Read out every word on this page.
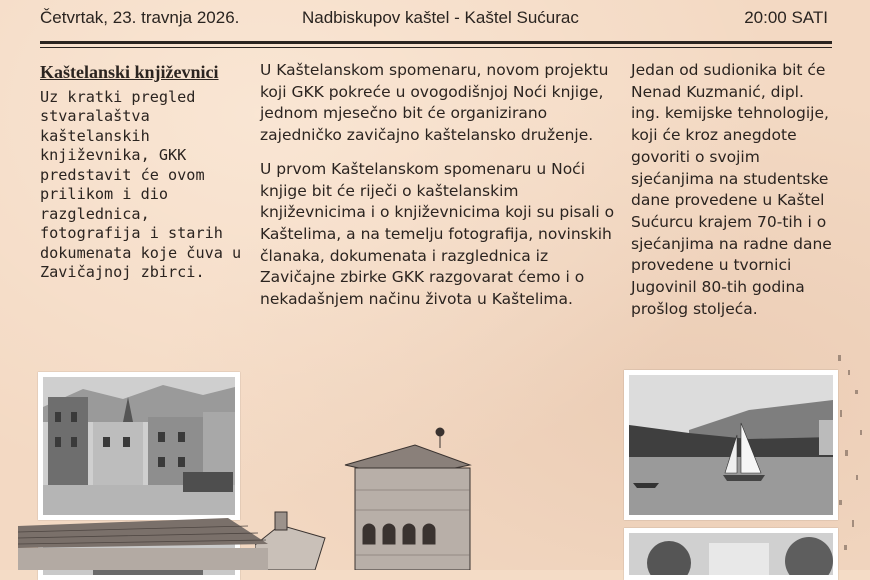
Četvrtak, 23. travnja 2026.	Nadbiskupov kaštel - Kaštel Sućurac	20:00 SATI
Kaštelanski književnici
Uz kratki pregled stvaralaštva kaštelanskih književnika, GKK predstavit će ovom prilikom i dio razglednica, fotografija i starih dokumenata koje čuva u Zavičajnoj zbirci.

U Kaštelanskom spomenaru, novom projektu koji GKK pokreće u ovogodišnjoj Noći knjige, jednom mjesečno bit će organizirano zajedničko zavičajno kaštelansko druženje.

U prvom Kaštelanskom spomenaru u Noći knjige bit će riječi o kaštelanskim književnicima i o književnicima koji su pisali o Kaštelima, a na temelju fotografija, novinskih članaka, dokumenata i razglednica iz Zavičajne zbirke GKK razgovarat ćemo i o nekadašnjem načinu života u Kaštelima.

Jedan od sudionika bit će Nenad Kuzmanić, dipl. ing. kemijske tehnologije, koji će kroz anegdote govoriti o svojim sjećanjima na studentske dane provedene u Kaštel Sućurcu krajem 70-tih i o sjećanjima na radne dane provedene u tvornici Jugovinil 80-tih godina prošlog stoljeća.
